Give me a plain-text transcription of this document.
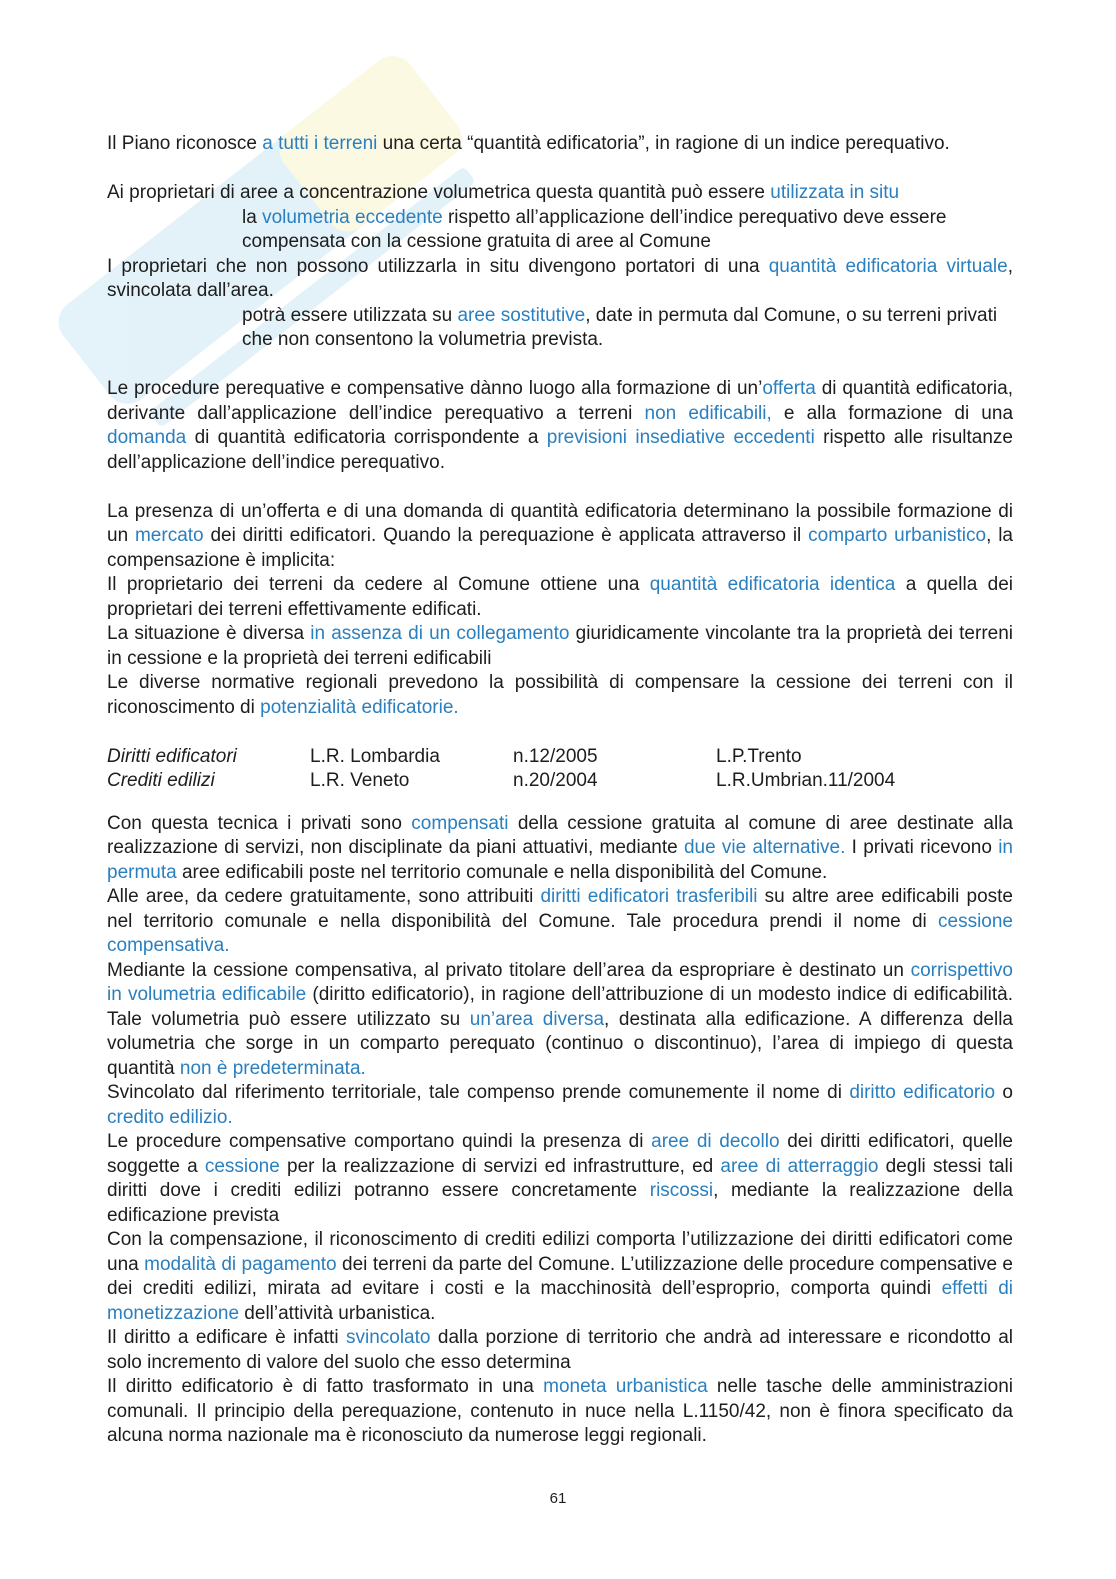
Il Piano riconosce a tutti i terreni una certa “quantità edificatoria”, in ragione di un indice perequativo.

Ai proprietari di aree a concentrazione volumetrica questa quantità può essere utilizzata in situ

la volumetria eccedente rispetto all’applicazione dell’indice perequativo deve essere compensata con la cessione gratuita di aree al Comune

I proprietari che non possono utilizzarla in situ divengono portatori di una quantità edificatoria virtuale, svincolata dall’area.

potrà essere utilizzata su aree sostitutive, date in permuta dal Comune, o su terreni privati che non consentono la volumetria prevista.

Le procedure perequative e compensative dànno luogo alla formazione di un’offerta di quantità edificatoria, derivante dall’applicazione dell’indice perequativo a terreni non edificabili, e alla formazione di una domanda di quantità edificatoria corrispondente a previsioni insediative eccedenti rispetto alle risultanze dell’applicazione dell’indice perequativo.

La presenza di un’offerta e di una domanda di quantità edificatoria determinano la possibile formazione di un mercato dei diritti edificatori. Quando la perequazione è applicata attraverso il comparto urbanistico, la compensazione è implicita:

Il proprietario dei terreni da cedere al Comune ottiene una quantità edificatoria identica a quella dei proprietari dei terreni effettivamente edificati.

La situazione è diversa in assenza di un collegamento giuridicamente vincolante tra la proprietà dei terreni in cessione e la proprietà dei terreni edificabili

Le diverse normative regionali prevedono la possibilità di compensare la cessione dei terreni con il riconoscimento di potenzialità edificatorie.

Diritti edificatori	L.R. Lombardia	n.12/2005	L.P.Trento
Crediti edilizi	L.R. Veneto	n.20/2004	L.R.Umbrian.11/2004

Con questa tecnica i privati sono compensati della cessione gratuita al comune di aree destinate alla realizzazione di servizi, non disciplinate da piani attuativi, mediante due vie alternative. I privati ricevono in permuta aree edificabili poste nel territorio comunale e nella disponibilità del Comune.

Alle aree, da cedere gratuitamente, sono attribuiti diritti edificatori trasferibili su altre aree edificabili poste nel territorio comunale e nella disponibilità del Comune. Tale procedura prendi il nome di cessione compensativa.

Mediante la cessione compensativa, al privato titolare dell’area da espropriare è destinato un corrispettivo in volumetria edificabile (diritto edificatorio), in ragione dell’attribuzione di un modesto indice di edificabilità. Tale volumetria può essere utilizzato su un’area diversa, destinata alla edificazione. A differenza della volumetria che sorge in un comparto perequato (continuo o discontinuo), l’area di impiego di questa quantità non è predeterminata.

Svincolato dal riferimento territoriale, tale compenso prende comunemente il nome di diritto edificatorio o credito edilizio.

Le procedure compensative comportano quindi la presenza di aree di decollo dei diritti edificatori, quelle soggette a cessione per la realizzazione di servizi ed infrastrutture, ed aree di atterraggio degli stessi tali diritti dove i crediti edilizi potranno essere concretamente riscossi, mediante la realizzazione della edificazione prevista

Con la compensazione, il riconoscimento di crediti edilizi comporta l’utilizzazione dei diritti edificatori come una modalità di pagamento dei terreni da parte del Comune. L’utilizzazione delle procedure compensative e dei crediti edilizi, mirata ad evitare i costi e la macchinosità dell’esproprio, comporta quindi effetti di monetizzazione dell’attività urbanistica.

Il diritto a edificare è infatti svincolato dalla porzione di territorio che andrà ad interessare e ricondotto al solo incremento di valore del suolo che esso determina

Il diritto edificatorio è di fatto trasformato in una moneta urbanistica nelle tasche delle amministrazioni comunali. Il principio della perequazione, contenuto in nuce nella L.1150/42, non è finora specificato da alcuna norma nazionale ma è riconosciuto da numerose leggi regionali.

61
